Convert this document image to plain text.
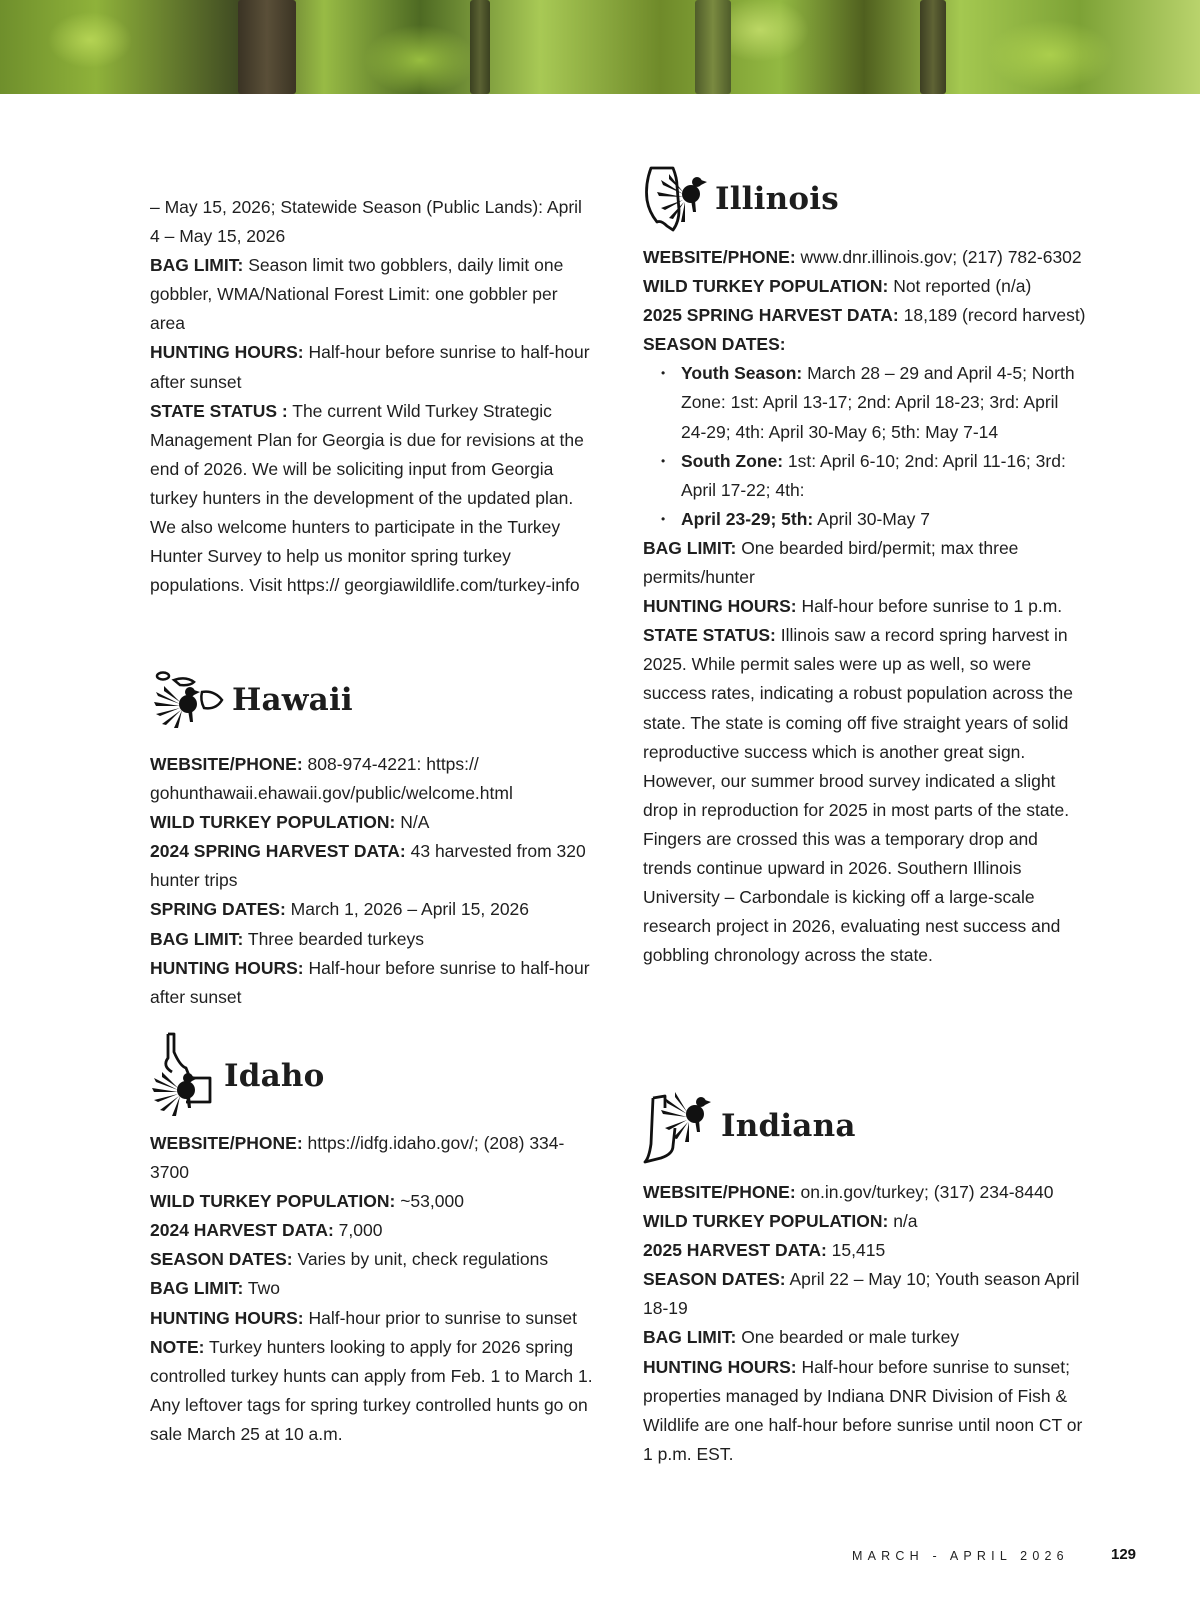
– May 15, 2026; Statewide Season (Public Lands): April 4 – May 15, 2026

BAG LIMIT: Season limit two gobblers, daily limit one gobbler, WMA/National Forest Limit: one gobbler per area

HUNTING HOURS: Half-hour before sunrise to half-hour after sunset

STATE STATUS : The current Wild Turkey Strategic Management Plan for Georgia is due for revisions at the end of 2026. We will be soliciting input from Georgia turkey hunters in the development of the updated plan. We also welcome hunters to participate in the Turkey Hunter Survey to help us monitor spring turkey populations. Visit https:// georgiawildlife.com/turkey-info

Hawaii

WEBSITE/PHONE: 808-974-4221: https:// gohunthawaii.ehawaii.gov/public/welcome.html

WILD TURKEY POPULATION: N/A

2024 SPRING HARVEST DATA: 43 harvested from 320 hunter trips

SPRING DATES: March 1, 2026 – April 15, 2026

BAG LIMIT: Three bearded turkeys

HUNTING HOURS: Half-hour before sunrise to half-hour after sunset

Idaho

WEBSITE/PHONE: https://idfg.idaho.gov/; (208) 334-3700

WILD TURKEY POPULATION: ~53,000

2024 HARVEST DATA: 7,000

SEASON DATES: Varies by unit, check regulations

BAG LIMIT: Two

HUNTING HOURS: Half-hour prior to sunrise to sunset

NOTE: Turkey hunters looking to apply for 2026 spring controlled turkey hunts can apply from Feb. 1 to March 1. Any leftover tags for spring turkey controlled hunts go on sale March 25 at 10 a.m.

Illinois

WEBSITE/PHONE: www.dnr.illinois.gov; (217) 782-6302

WILD TURKEY POPULATION: Not reported (n/a)

2025 SPRING HARVEST DATA: 18,189 (record harvest)

SEASON DATES:

• Youth Season: March 28 – 29 and April 4-5; North Zone: 1st: April 13-17; 2nd: April 18-23; 3rd: April 24-29; 4th: April 30-May 6; 5th: May 7-14
• South Zone: 1st: April 6-10; 2nd: April 11-16; 3rd: April 17-22; 4th:
• April 23-29; 5th: April 30-May 7

BAG LIMIT: One bearded bird/permit; max three permits/hunter

HUNTING HOURS: Half-hour before sunrise to 1 p.m.

STATE STATUS: Illinois saw a record spring harvest in 2025. While permit sales were up as well, so were success rates, indicating a robust population across the state. The state is coming off five straight years of solid reproductive success which is another great sign. However, our summer brood survey indicated a slight drop in reproduction for 2025 in most parts of the state. Fingers are crossed this was a temporary drop and trends continue upward in 2026. Southern Illinois University – Carbondale is kicking off a large-scale research project in 2026, evaluating nest success and gobbling chronology across the state.

Indiana

WEBSITE/PHONE: on.in.gov/turkey; (317) 234-8440

WILD TURKEY POPULATION: n/a

2025 HARVEST DATA: 15,415

SEASON DATES: April 22 – May 10; Youth season April 18-19

BAG LIMIT: One bearded or male turkey

HUNTING HOURS: Half-hour before sunrise to sunset; properties managed by Indiana DNR Division of Fish & Wildlife are one half-hour before sunrise until noon CT or 1 p.m. EST.

MARCH - APRIL 2026	129
